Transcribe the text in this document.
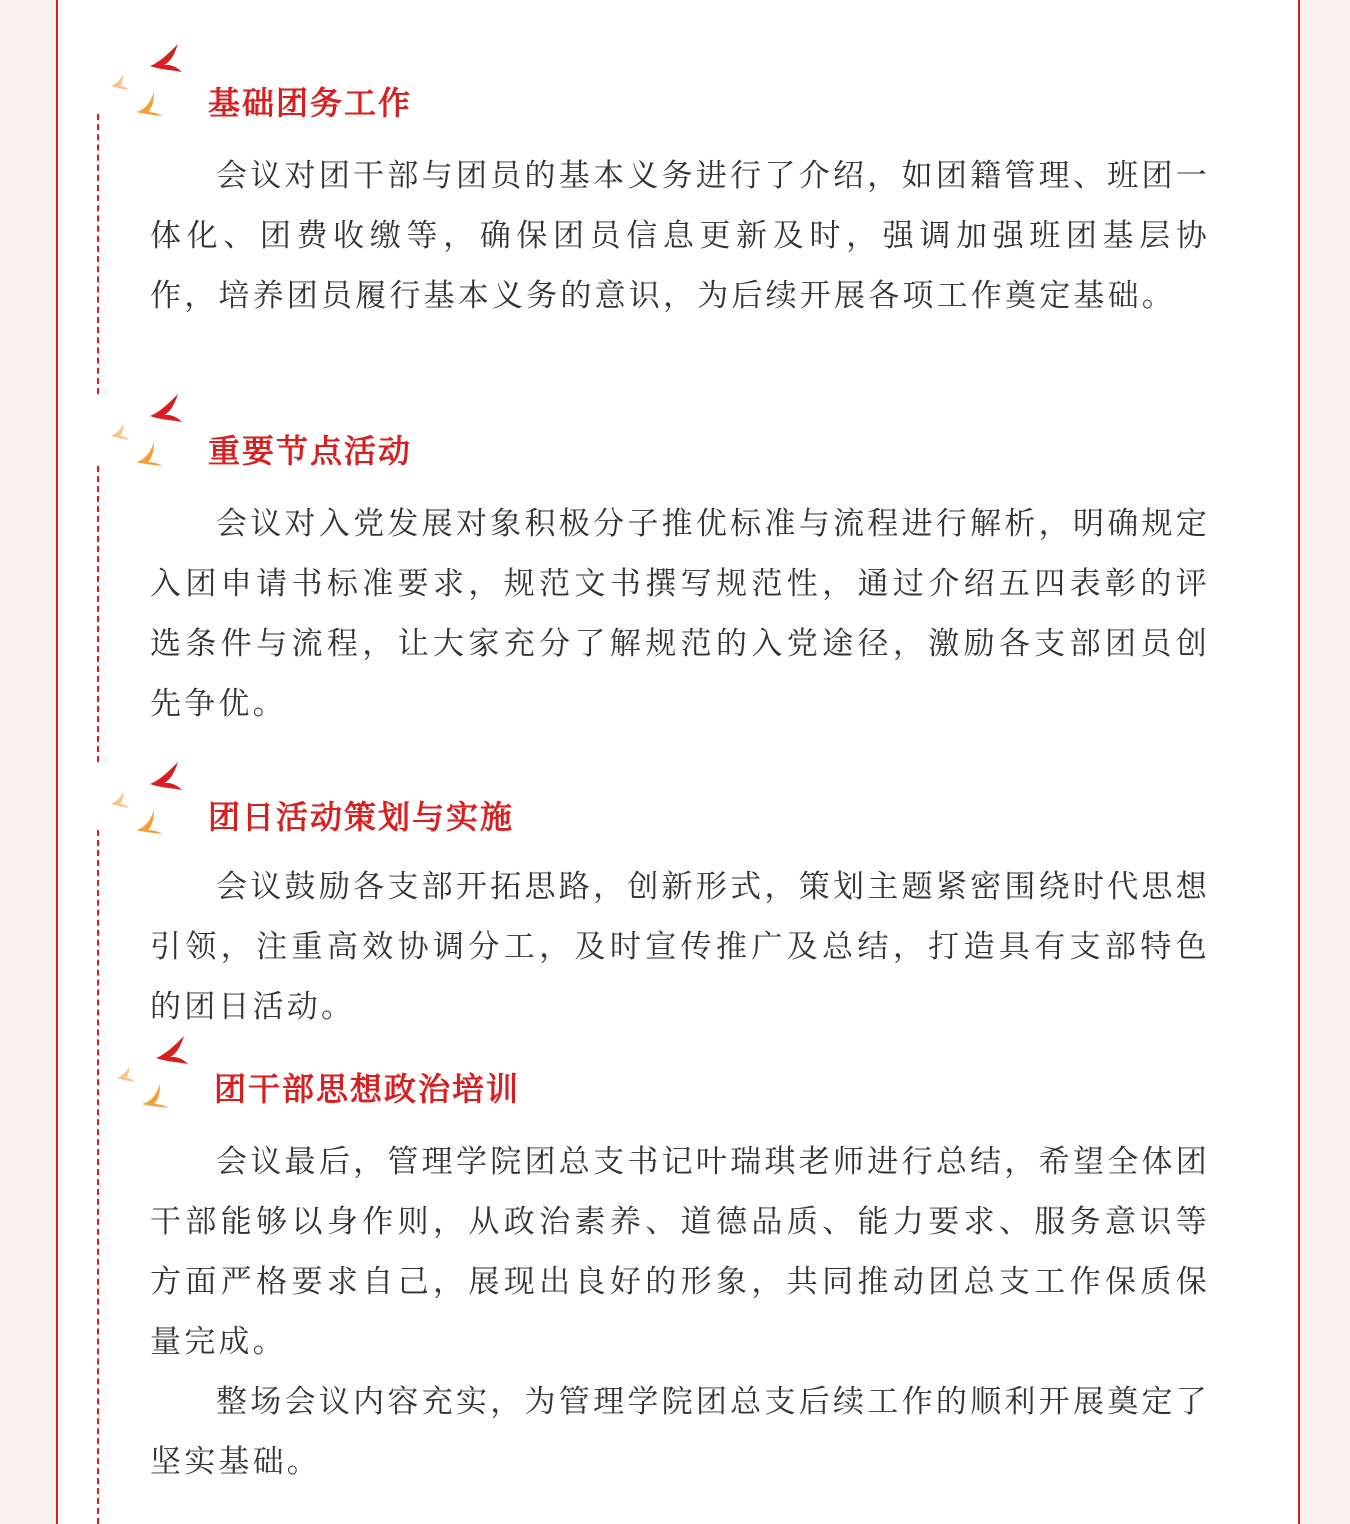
基础团务工作

会议对团干部与团员的基本义务进行了介绍，如团籍管理、班团一体化、团费收缴等，确保团员信息更新及时，强调加强班团基层协作，培养团员履行基本义务的意识，为后续开展各项工作奠定基础。

重要节点活动

会议对入党发展对象积极分子推优标准与流程进行解析，明确规定入团申请书标准要求，规范文书撰写规范性，通过介绍五四表彰的评选条件与流程，让大家充分了解规范的入党途径，激励各支部团员创先争优。

团日活动策划与实施

会议鼓励各支部开拓思路，创新形式，策划主题紧密围绕时代思想引领，注重高效协调分工，及时宣传推广及总结，打造具有支部特色的团日活动。

团干部思想政治培训

会议最后，管理学院团总支书记叶瑞琪老师进行总结，希望全体团干部能够以身作则，从政治素养、道德品质、能力要求、服务意识等方面严格要求自己，展现出良好的形象，共同推动团总支工作保质保量完成。

整场会议内容充实，为管理学院团总支后续工作的顺利开展奠定了坚实基础。
